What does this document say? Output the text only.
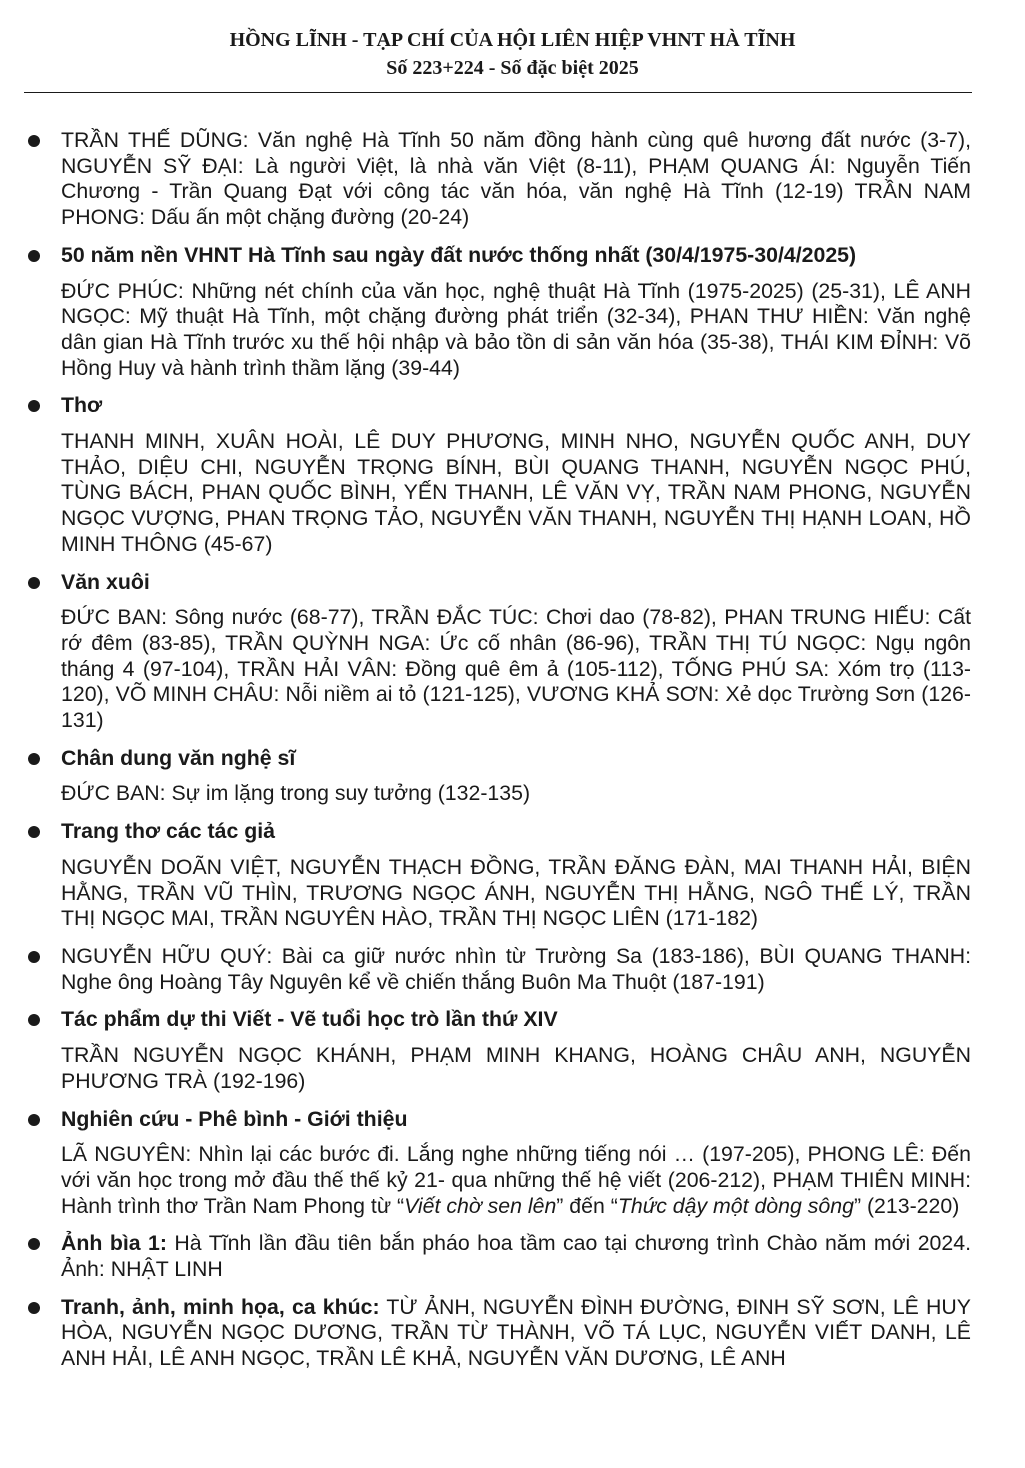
HỒNG LĨNH - TẠP CHÍ CỦA HỘI LIÊN HIỆP VHNT HÀ TĨNH
Số 223+224 - Số đặc biệt 2025
TRẦN THẾ DŨNG: Văn nghệ Hà Tĩnh 50 năm đồng hành cùng quê hương đất nước (3-7), NGUYỄN SỸ ĐẠI: Là người Việt, là nhà văn Việt (8-11), PHẠM QUANG ÁI: Nguyễn Tiến Chương - Trần Quang Đạt với công tác văn hóa, văn nghệ Hà Tĩnh (12-19) TRẦN NAM PHONG: Dấu ấn một chặng đường (20-24)
50 năm nền VHNT Hà Tĩnh sau ngày đất nước thống nhất (30/4/1975-30/4/2025)
ĐỨC PHÚC: Những nét chính của văn học, nghệ thuật Hà Tĩnh (1975-2025) (25-31), LÊ ANH NGỌC: Mỹ thuật Hà Tĩnh, một chặng đường phát triển (32-34), PHAN THƯ HIỀN: Văn nghệ dân gian Hà Tĩnh trước xu thế hội nhập và bảo tồn di sản văn hóa (35-38), THÁI KIM ĐỈNH: Võ Hồng Huy và hành trình thầm lặng (39-44)
Thơ
THANH MINH, XUÂN HOÀI, LÊ DUY PHƯƠNG, MINH NHO, NGUYỄN QUỐC ANH, DUY THẢO, DIỆU CHI, NGUYỄN TRỌNG BÍNH, BÙI QUANG THANH, NGUYỄN NGỌC PHÚ, TÙNG BÁCH, PHAN QUỐC BÌNH, YẾN THANH, LÊ VĂN VỴ, TRẦN NAM PHONG, NGUYỄN NGỌC VƯỢNG, PHAN TRỌNG TẢO, NGUYỄN VĂN THANH, NGUYỄN THỊ HẠNH LOAN, HỒ MINH THÔNG (45-67)
Văn xuôi
ĐỨC BAN: Sông nước (68-77), TRẦN ĐẮC TÚC: Chơi dao (78-82), PHAN TRUNG HIẾU: Cất rớ đêm (83-85), TRẦN QUỲNH NGA: Ức cố nhân (86-96), TRẦN THỊ TÚ NGỌC: Ngụ ngôn tháng 4 (97-104), TRẦN HẢI VÂN: Đồng quê êm ả (105-112), TỐNG PHÚ SA: Xóm trọ (113-120), VÕ MINH CHÂU: Nỗi niềm ai tỏ (121-125), VƯƠNG KHẢ SƠN: Xẻ dọc Trường Sơn (126-131)
Chân dung văn nghệ sĩ
ĐỨC BAN: Sự im lặng trong suy tưởng (132-135)
Trang thơ các tác giả
NGUYỄN DOÃN VIỆT, NGUYỄN THẠCH ĐỒNG, TRẦN ĐĂNG ĐÀN, MAI THANH HẢI, BIỆN HẰNG, TRẦN VŨ THÌN, TRƯƠNG NGỌC ÁNH, NGUYỄN THỊ HẰNG, NGÔ THẾ LÝ, TRẦN THỊ NGỌC MAI, TRẦN NGUYÊN HÀO, TRẦN THỊ NGỌC LIÊN (171-182)
NGUYỄN HỮU QUÝ: Bài ca giữ nước nhìn từ Trường Sa (183-186), BÙI QUANG THANH: Nghe ông Hoàng Tây Nguyên kể về chiến thắng Buôn Ma Thuột (187-191)
Tác phẩm dự thi Viết - Vẽ tuổi học trò lần thứ XIV
TRẦN NGUYỄN NGỌC KHÁNH, PHẠM MINH KHANG, HOÀNG CHÂU ANH, NGUYỄN PHƯƠNG TRÀ (192-196)
Nghiên cứu - Phê bình - Giới thiệu
LÃ NGUYÊN: Nhìn lại các bước đi. Lắng nghe những tiếng nói … (197-205), PHONG LÊ: Đến với văn học trong mở đầu thế thế kỷ 21- qua những thế hệ viết (206-212), PHẠM THIÊN MINH: Hành trình thơ Trần Nam Phong từ “Viết chờ sen lên” đến “Thức dậy một dòng sông” (213-220)
Ảnh bìa 1: Hà Tĩnh lần đầu tiên bắn pháo hoa tầm cao tại chương trình Chào năm mới 2024. Ảnh: NHẬT LINH
Tranh, ảnh, minh họa, ca khúc: TỪ ẢNH, NGUYỄN ĐÌNH ĐƯỜNG, ĐINH SỸ SƠN, LÊ HUY HÒA, NGUYỄN NGỌC DƯƠNG, TRẦN TỪ THÀNH, VÕ TÁ LỤC, NGUYỄN VIẾT DANH, LÊ ANH HẢI, LÊ ANH NGỌC, TRẦN LÊ KHẢ, NGUYỄN VĂN DƯƠNG, LÊ ANH
